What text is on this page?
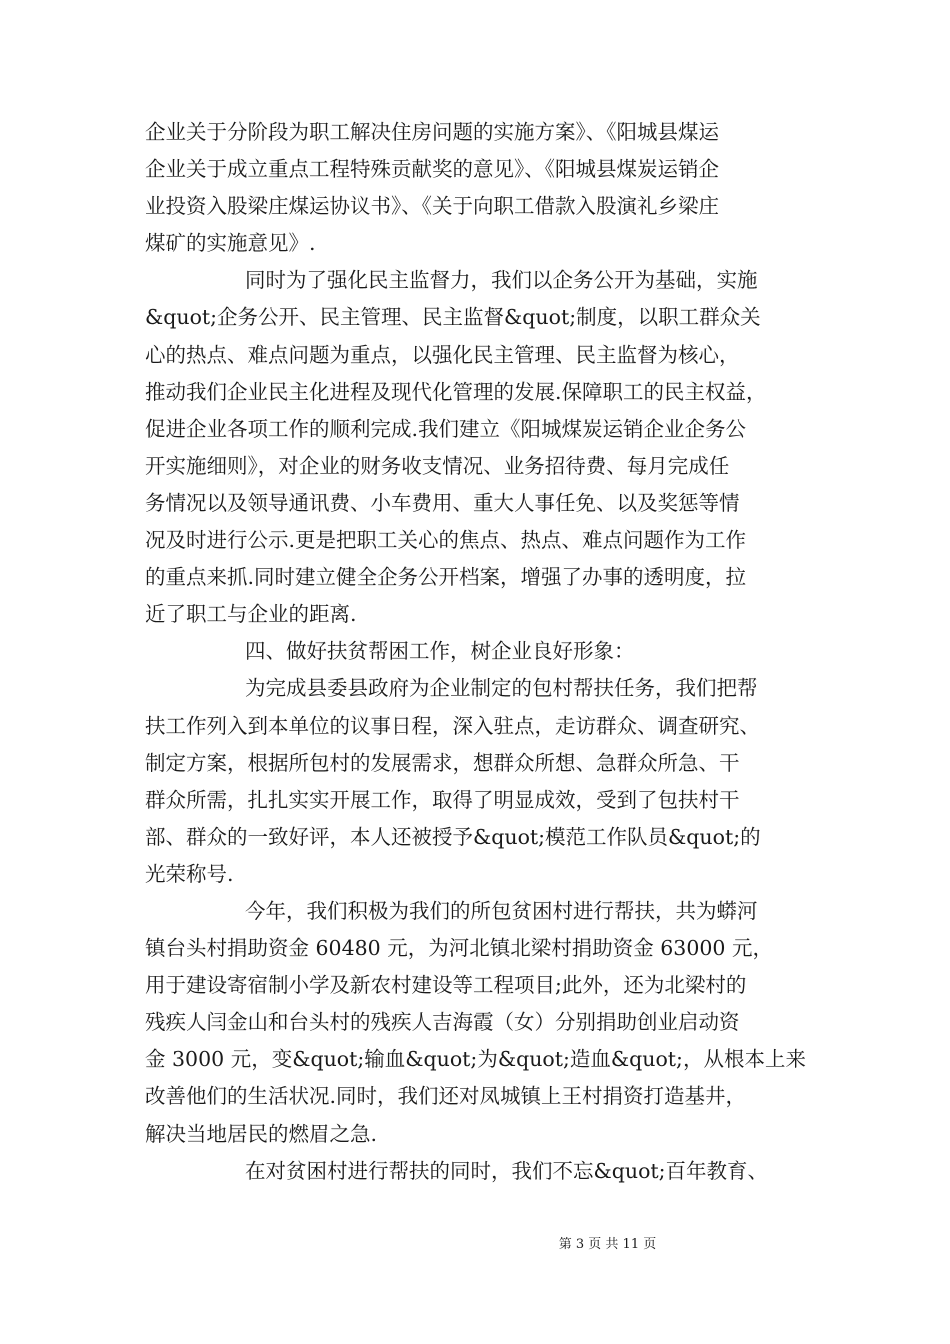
企业关于分阶段为职工解决住房问题的实施方案》、《阳城县煤运
企业关于成立重点工程特殊贡献奖的意见》、《阳城县煤炭运销企
业投资入股梁庄煤运协议书》、《关于向职工借款入股演礼乡梁庄
煤矿的实施意见》.
同时为了强化民主监督力，我们以企务公开为基础，实施
&quot;企务公开、民主管理、民主监督&quot;制度，以职工群众关
心的热点、难点问题为重点，以强化民主管理、民主监督为核心，
推动我们企业民主化进程及现代化管理的发展.保障职工的民主权益，
促进企业各项工作的顺利完成.我们建立《阳城煤炭运销企业企务公
开实施细则》，对企业的财务收支情况、业务招待费、每月完成任
务情况以及领导通讯费、小车费用、重大人事任免、以及奖惩等情
况及时进行公示.更是把职工关心的焦点、热点、难点问题作为工作
的重点来抓.同时建立健全企务公开档案，增强了办事的透明度，拉
近了职工与企业的距离.
四、做好扶贫帮困工作，树企业良好形象：
为完成县委县政府为企业制定的包村帮扶任务，我们把帮
扶工作列入到本单位的议事日程，深入驻点，走访群众、调查研究、
制定方案，根据所包村的发展需求，想群众所想、急群众所急、干
群众所需，扎扎实实开展工作，取得了明显成效，受到了包扶村干
部、群众的一致好评，本人还被授予&quot;模范工作队员&quot;的
光荣称号.
今年，我们积极为我们的所包贫困村进行帮扶，共为蟒河
镇台头村捐助资金 60480 元，为河北镇北梁村捐助资金 63000 元，
用于建设寄宿制小学及新农村建设等工程项目;此外，还为北梁村的
残疾人闫金山和台头村的残疾人吉海霞（女）分别捐助创业启动资
金 3000 元，变&quot;输血&quot;为&quot;造血&quot;，从根本上来
改善他们的生活状况.同时，我们还对凤城镇上王村捐资打造基井，
解决当地居民的燃眉之急.
在对贫困村进行帮扶的同时，我们不忘&quot;百年教育、
第 3 页 共 11 页
